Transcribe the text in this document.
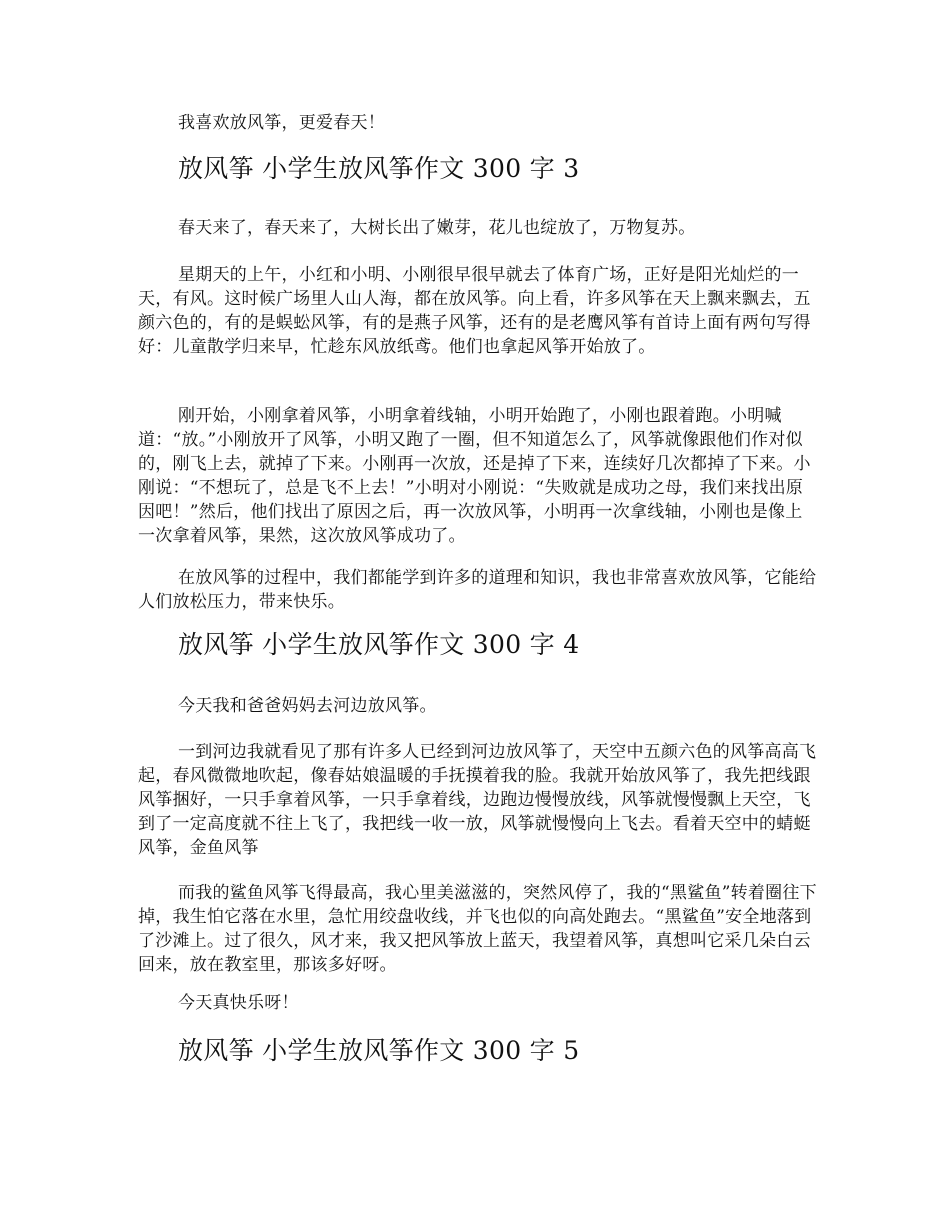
我喜欢放风筝，更爱春天！

放风筝 小学生放风筝作文 300 字 3

春天来了，春天来了，大树长出了嫩芽，花儿也绽放了，万物复苏。

星期天的上午，小红和小明、小刚很早很早就去了体育广场，正好是阳光灿烂的一天，有风。这时候广场里人山人海，都在放风筝。向上看，许多风筝在天上飘来飘去，五颜六色的，有的是蜈蚣风筝，有的是燕子风筝，还有的是老鹰风筝有首诗上面有两句写得好：儿童散学归来早，忙趁东风放纸鸢。他们也拿起风筝开始放了。

刚开始，小刚拿着风筝，小明拿着线轴，小明开始跑了，小刚也跟着跑。小明喊道：“放。”小刚放开了风筝，小明又跑了一圈，但不知道怎么了，风筝就像跟他们作对似的，刚飞上去，就掉了下来。小刚再一次放，还是掉了下来，连续好几次都掉了下来。小刚说：“不想玩了，总是飞不上去！”小明对小刚说：“失败就是成功之母，我们来找出原因吧！”然后，他们找出了原因之后，再一次放风筝，小明再一次拿线轴，小刚也是像上一次拿着风筝，果然，这次放风筝成功了。

在放风筝的过程中，我们都能学到许多的道理和知识，我也非常喜欢放风筝，它能给人们放松压力，带来快乐。

放风筝 小学生放风筝作文 300 字 4

今天我和爸爸妈妈去河边放风筝。

一到河边我就看见了那有许多人已经到河边放风筝了，天空中五颜六色的风筝高高飞起，春风微微地吹起，像春姑娘温暖的手抚摸着我的脸。我就开始放风筝了，我先把线跟风筝捆好，一只手拿着风筝，一只手拿着线，边跑边慢慢放线，风筝就慢慢飘上天空，飞到了一定高度就不往上飞了，我把线一收一放，风筝就慢慢向上飞去。看着天空中的蜻蜓风筝，金鱼风筝

而我的鲨鱼风筝飞得最高，我心里美滋滋的，突然风停了，我的“黑鲨鱼”转着圈往下掉，我生怕它落在水里，急忙用绞盘收线，并飞也似的向高处跑去。“黑鲨鱼”安全地落到了沙滩上。过了很久，风才来，我又把风筝放上蓝天，我望着风筝，真想叫它采几朵白云回来，放在教室里，那该多好呀。

今天真快乐呀！

放风筝 小学生放风筝作文 300 字 5
